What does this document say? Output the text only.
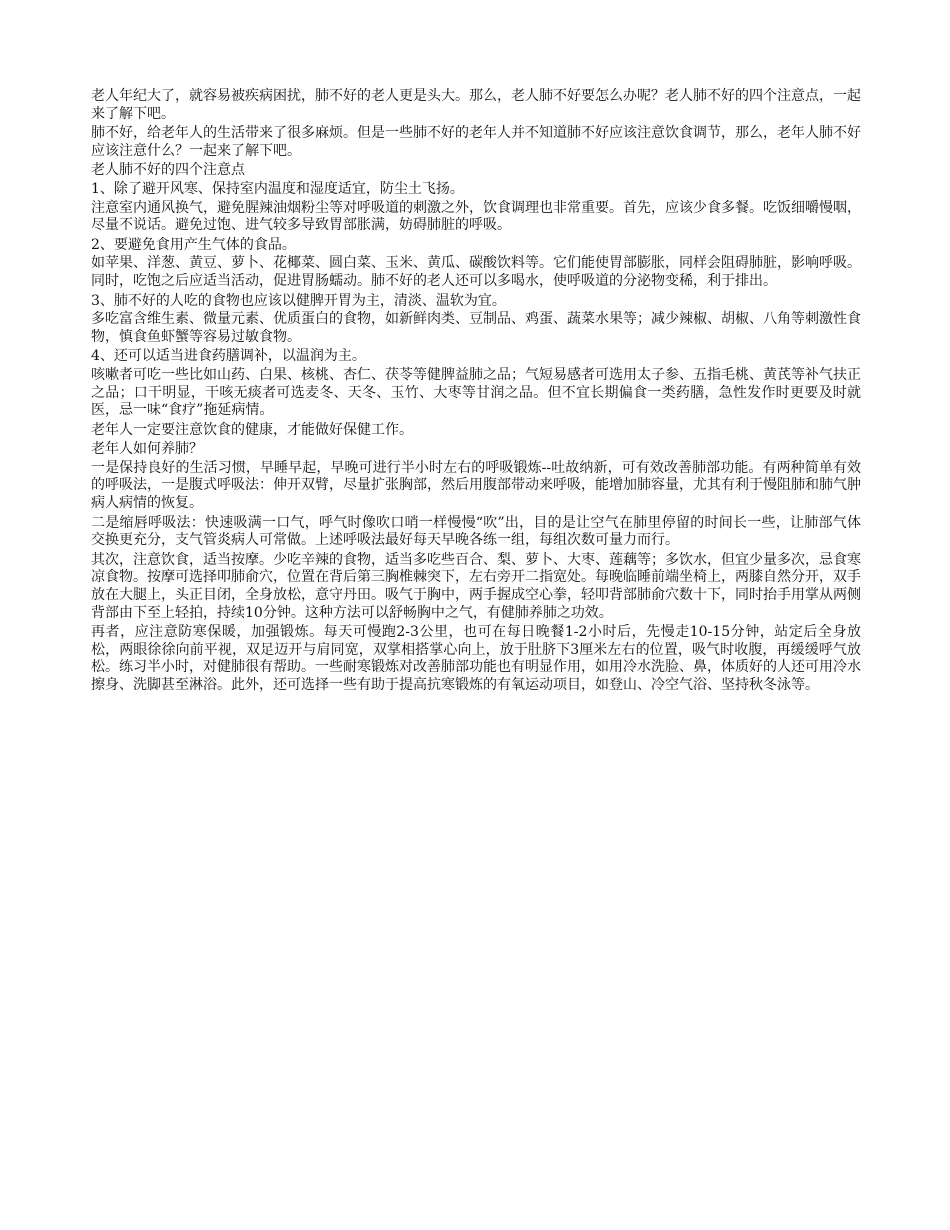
老人年纪大了，就容易被疾病困扰，肺不好的老人更是头大。那么，老人肺不好要怎么办呢？老人肺不好的四个注意点，一起来了解下吧。

肺不好，给老年人的生活带来了很多麻烦。但是一些肺不好的老年人并不知道肺不好应该注意饮食调节，那么，老年人肺不好应该注意什么？一起来了解下吧。

老人肺不好的四个注意点

1、除了避开风寒、保持室内温度和湿度适宜，防尘土飞扬。

注意室内通风换气，避免腥辣油烟粉尘等对呼吸道的刺激之外，饮食调理也非常重要。首先，应该少食多餐。吃饭细嚼慢咽，尽量不说话。避免过饱、进气较多导致胃部胀满，妨碍肺脏的呼吸。

2、要避免食用产生气体的食品。

如苹果、洋葱、黄豆、萝卜、花椰菜、圆白菜、玉米、黄瓜、碳酸饮料等。它们能使胃部膨胀，同样会阻碍肺脏，影响呼吸。同时，吃饱之后应适当活动，促进胃肠蠕动。肺不好的老人还可以多喝水，使呼吸道的分泌物变稀，利于排出。

3、肺不好的人吃的食物也应该以健脾开胃为主，清淡、温软为宜。

多吃富含维生素、微量元素、优质蛋白的食物，如新鲜肉类、豆制品、鸡蛋、蔬菜水果等；减少辣椒、胡椒、八角等刺激性食物，慎食鱼虾蟹等容易过敏食物。

4、还可以适当进食药膳调补，以温润为主。

咳嗽者可吃一些比如山药、白果、核桃、杏仁、茯苓等健脾益肺之品；气短易感者可选用太子参、五指毛桃、黄芪等补气扶正之品；口干明显，干咳无痰者可选麦冬、天冬、玉竹、大枣等甘润之品。但不宜长期偏食一类药膳，急性发作时更要及时就医，忌一味“食疗”拖延病情。

老年人一定要注意饮食的健康，才能做好保健工作。

老年人如何养肺？

一是保持良好的生活习惯，早睡早起，早晚可进行半小时左右的呼吸锻炼--吐故纳新，可有效改善肺部功能。有两种简单有效的呼吸法，一是腹式呼吸法：伸开双臂，尽量扩张胸部，然后用腹部带动来呼吸，能增加肺容量，尤其有利于慢阻肺和肺气肿病人病情的恢复。

二是缩唇呼吸法：快速吸满一口气，呼气时像吹口哨一样慢慢“吹”出，目的是让空气在肺里停留的时间长一些，让肺部气体交换更充分，支气管炎病人可常做。上述呼吸法最好每天早晚各练一组，每组次数可量力而行。

其次，注意饮食，适当按摩。少吃辛辣的食物，适当多吃些百合、梨、萝卜、大枣、莲藕等；多饮水，但宜少量多次，忌食寒凉食物。按摩可选择叩肺俞穴，位置在背后第三胸椎棘突下，左右旁开二指宽处。每晚临睡前端坐椅上，两膝自然分开，双手放在大腿上，头正目闭，全身放松，意守丹田。吸气于胸中，两手握成空心拳，轻叩背部肺俞穴数十下，同时抬手用掌从两侧背部由下至上轻拍，持续10分钟。这种方法可以舒畅胸中之气，有健肺养肺之功效。

再者，应注意防寒保暖，加强锻炼。每天可慢跑2-3公里，也可在每日晚餐1-2小时后，先慢走10-15分钟，站定后全身放松，两眼徐徐向前平视，双足迈开与肩同宽，双掌相搭掌心向上，放于肚脐下3厘米左右的位置，吸气时收腹，再缓缓呼气放松。练习半小时，对健肺很有帮助。一些耐寒锻炼对改善肺部功能也有明显作用，如用冷水洗脸、鼻，体质好的人还可用冷水擦身、洗脚甚至淋浴。此外，还可选择一些有助于提高抗寒锻炼的有氧运动项目，如登山、冷空气浴、坚持秋冬泳等。
